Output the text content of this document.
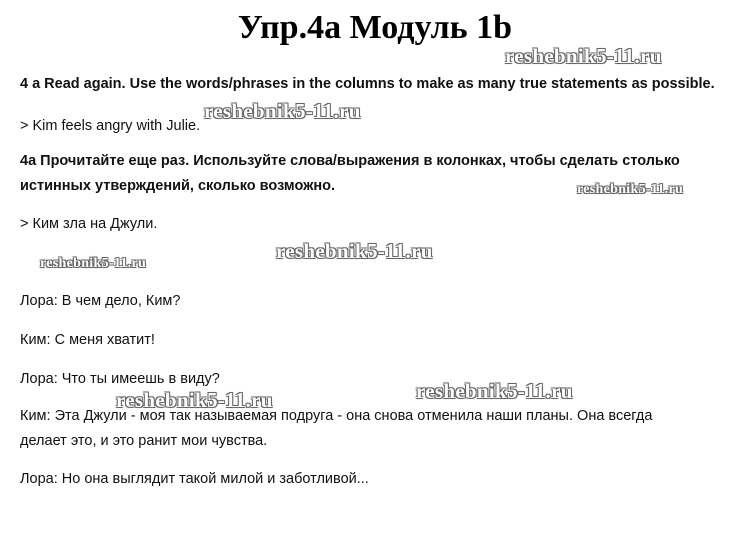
Упр.4а Модуль 1b
4 a Read again. Use the words/phrases in the columns to make as many true statements as possible.
> Kim feels angry with Julie.
4а Прочитайте еще раз. Используйте слова/выражения в колонках, чтобы сделать столько
истинных утверждений, сколько возможно.
> Ким зла на Джули.
Лора: В чем дело, Ким?
Ким: С меня хватит!
Лора: Что ты имеешь в виду?
Ким: Эта Джули - моя так называемая подруга - она снова отменила наши планы. Она всегда
делает это, и это ранит мои чувства.
Лора: Но она выглядит такой милой и заботливой...
reshebnik5-11.ru
reshebnik5-11.ru
reshebnik5-11.ru
reshebnik5-11.ru
reshebnik5-11.ru
reshebnik5-11.ru
reshebnik5-11.ru
